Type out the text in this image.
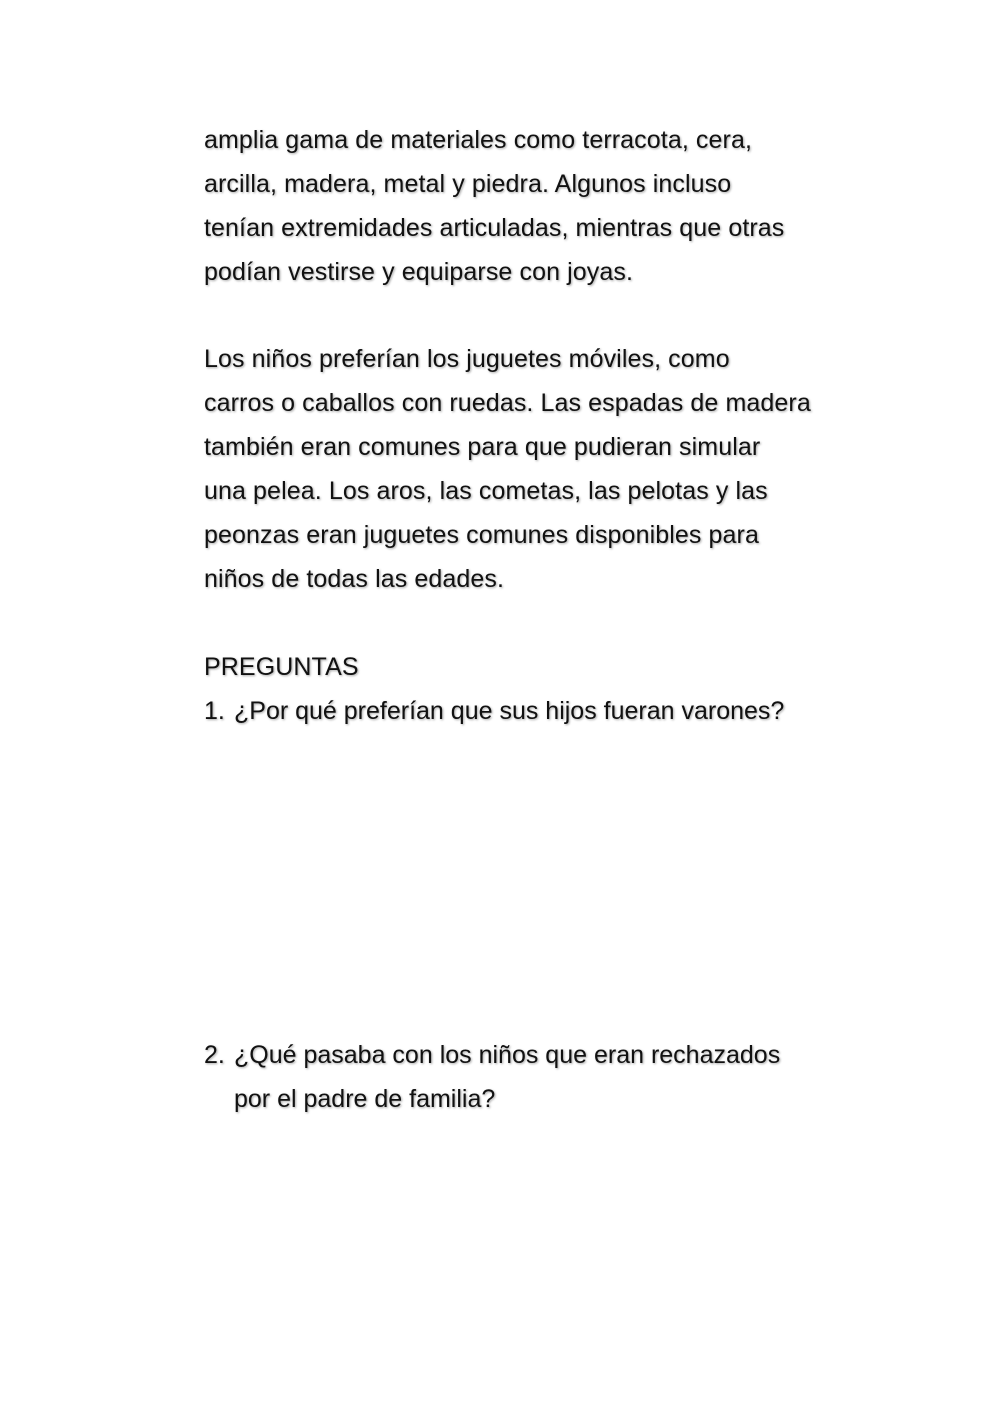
amplia gama de materiales como terracota, cera,
arcilla, madera, metal y piedra. Algunos incluso
tenían extremidades articuladas, mientras que otras
podían vestirse y equiparse con joyas.

Los niños preferían los juguetes móviles, como
carros o caballos con ruedas. Las espadas de madera
también eran comunes para que pudieran simular
una pelea. Los aros, las cometas, las pelotas y las
peonzas eran juguetes comunes disponibles para
niños de todas las edades.

PREGUNTAS

1. ¿Por qué preferían que sus hijos fueran varones?
2. ¿Qué pasaba con los niños que eran rechazados
por el padre de familia?
